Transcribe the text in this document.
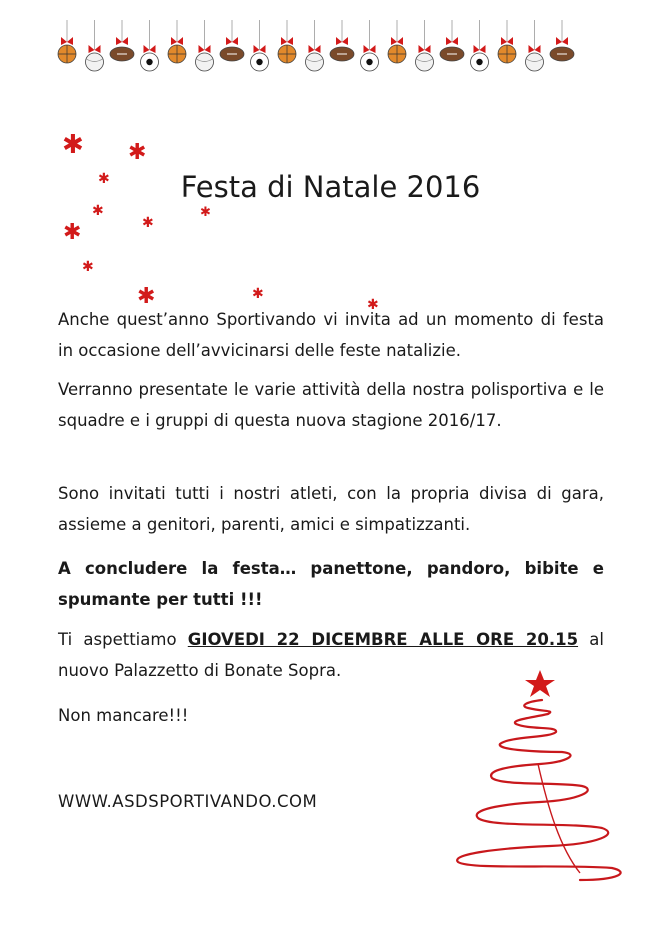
✱ ✱
✱
✱
✱
✱
✱
✱
✱	✱
✱
Festa di Natale 2016
Anche quest’anno Sportivando vi invita ad un momento di festa in occasione dell’avvicinarsi delle feste natalizie.
Verranno presentate le varie attività della nostra polisportiva e le squadre e i gruppi di questa nuova stagione 2016/17.
Sono invitati tutti i nostri atleti, con la propria divisa di gara, assieme a genitori, parenti, amici e simpatizzanti.
A concludere la festa… panettone, pandoro, bibite e spumante per tutti !!!
Ti aspettiamo GIOVEDI 22 DICEMBRE ALLE ORE 20.15 al nuovo Palazzetto di Bonate Sopra.
Non mancare!!!
WWW.ASDSPORTIVANDO.COM
